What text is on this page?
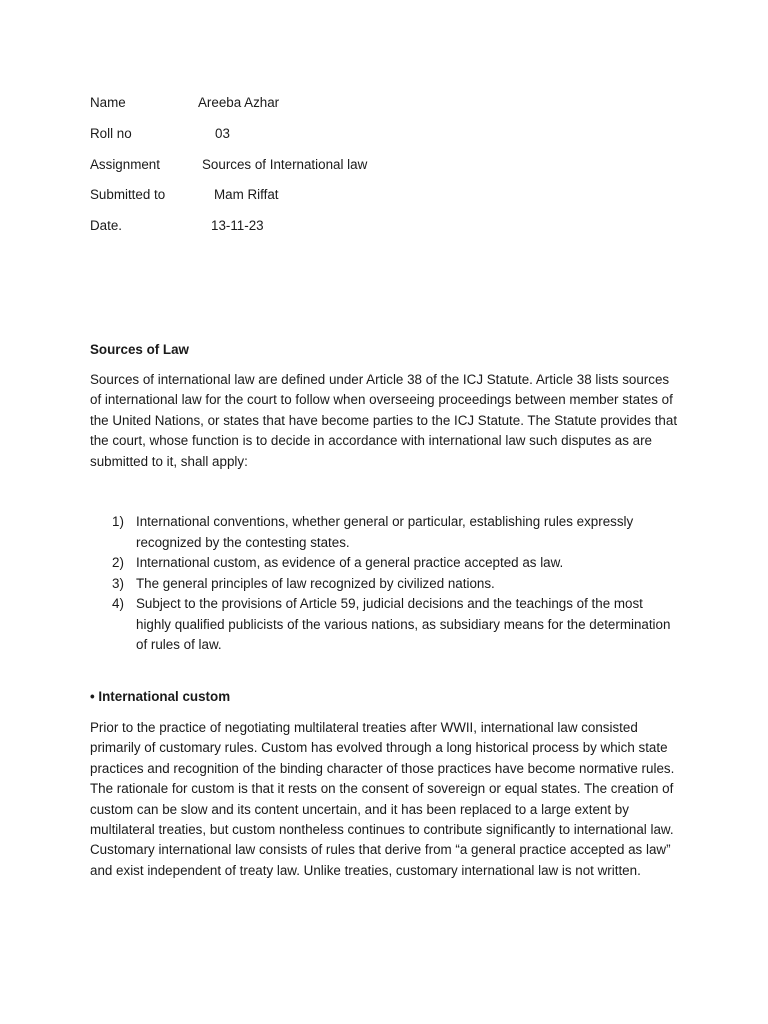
Name	Areeba Azhar
Roll no	03
Assignment	Sources of International law
Submitted to	Mam Riffat
Date.	13-11-23
Sources of Law

Sources of international law are defined under Article 38 of the ICJ Statute. Article 38 lists sources of international law for the court to follow when overseeing proceedings between member states of the United Nations, or states that have become parties to the ICJ Statute. The Statute provides that the court, whose function is to decide in accordance with international law such disputes as are submitted to it, shall apply:

1) International conventions, whether general or particular, establishing rules expressly recognized by the contesting states.
2) International custom, as evidence of a general practice accepted as law.
3) The general principles of law recognized by civilized nations.
4) Subject to the provisions of Article 59, judicial decisions and the teachings of the most highly qualified publicists of the various nations, as subsidiary means for the determination of rules of law.
• International custom

Prior to the practice of negotiating multilateral treaties after WWII, international law consisted primarily of customary rules. Custom has evolved through a long historical process by which state practices and recognition of the binding character of those practices have become normative rules. The rationale for custom is that it rests on the consent of sovereign or equal states. The creation of custom can be slow and its content uncertain, and it has been replaced to a large extent by multilateral treaties, but custom nontheless continues to contribute significantly to international law. Customary international law consists of rules that derive from “a general practice accepted as law” and exist independent of treaty law. Unlike treaties, customary international law is not written.
